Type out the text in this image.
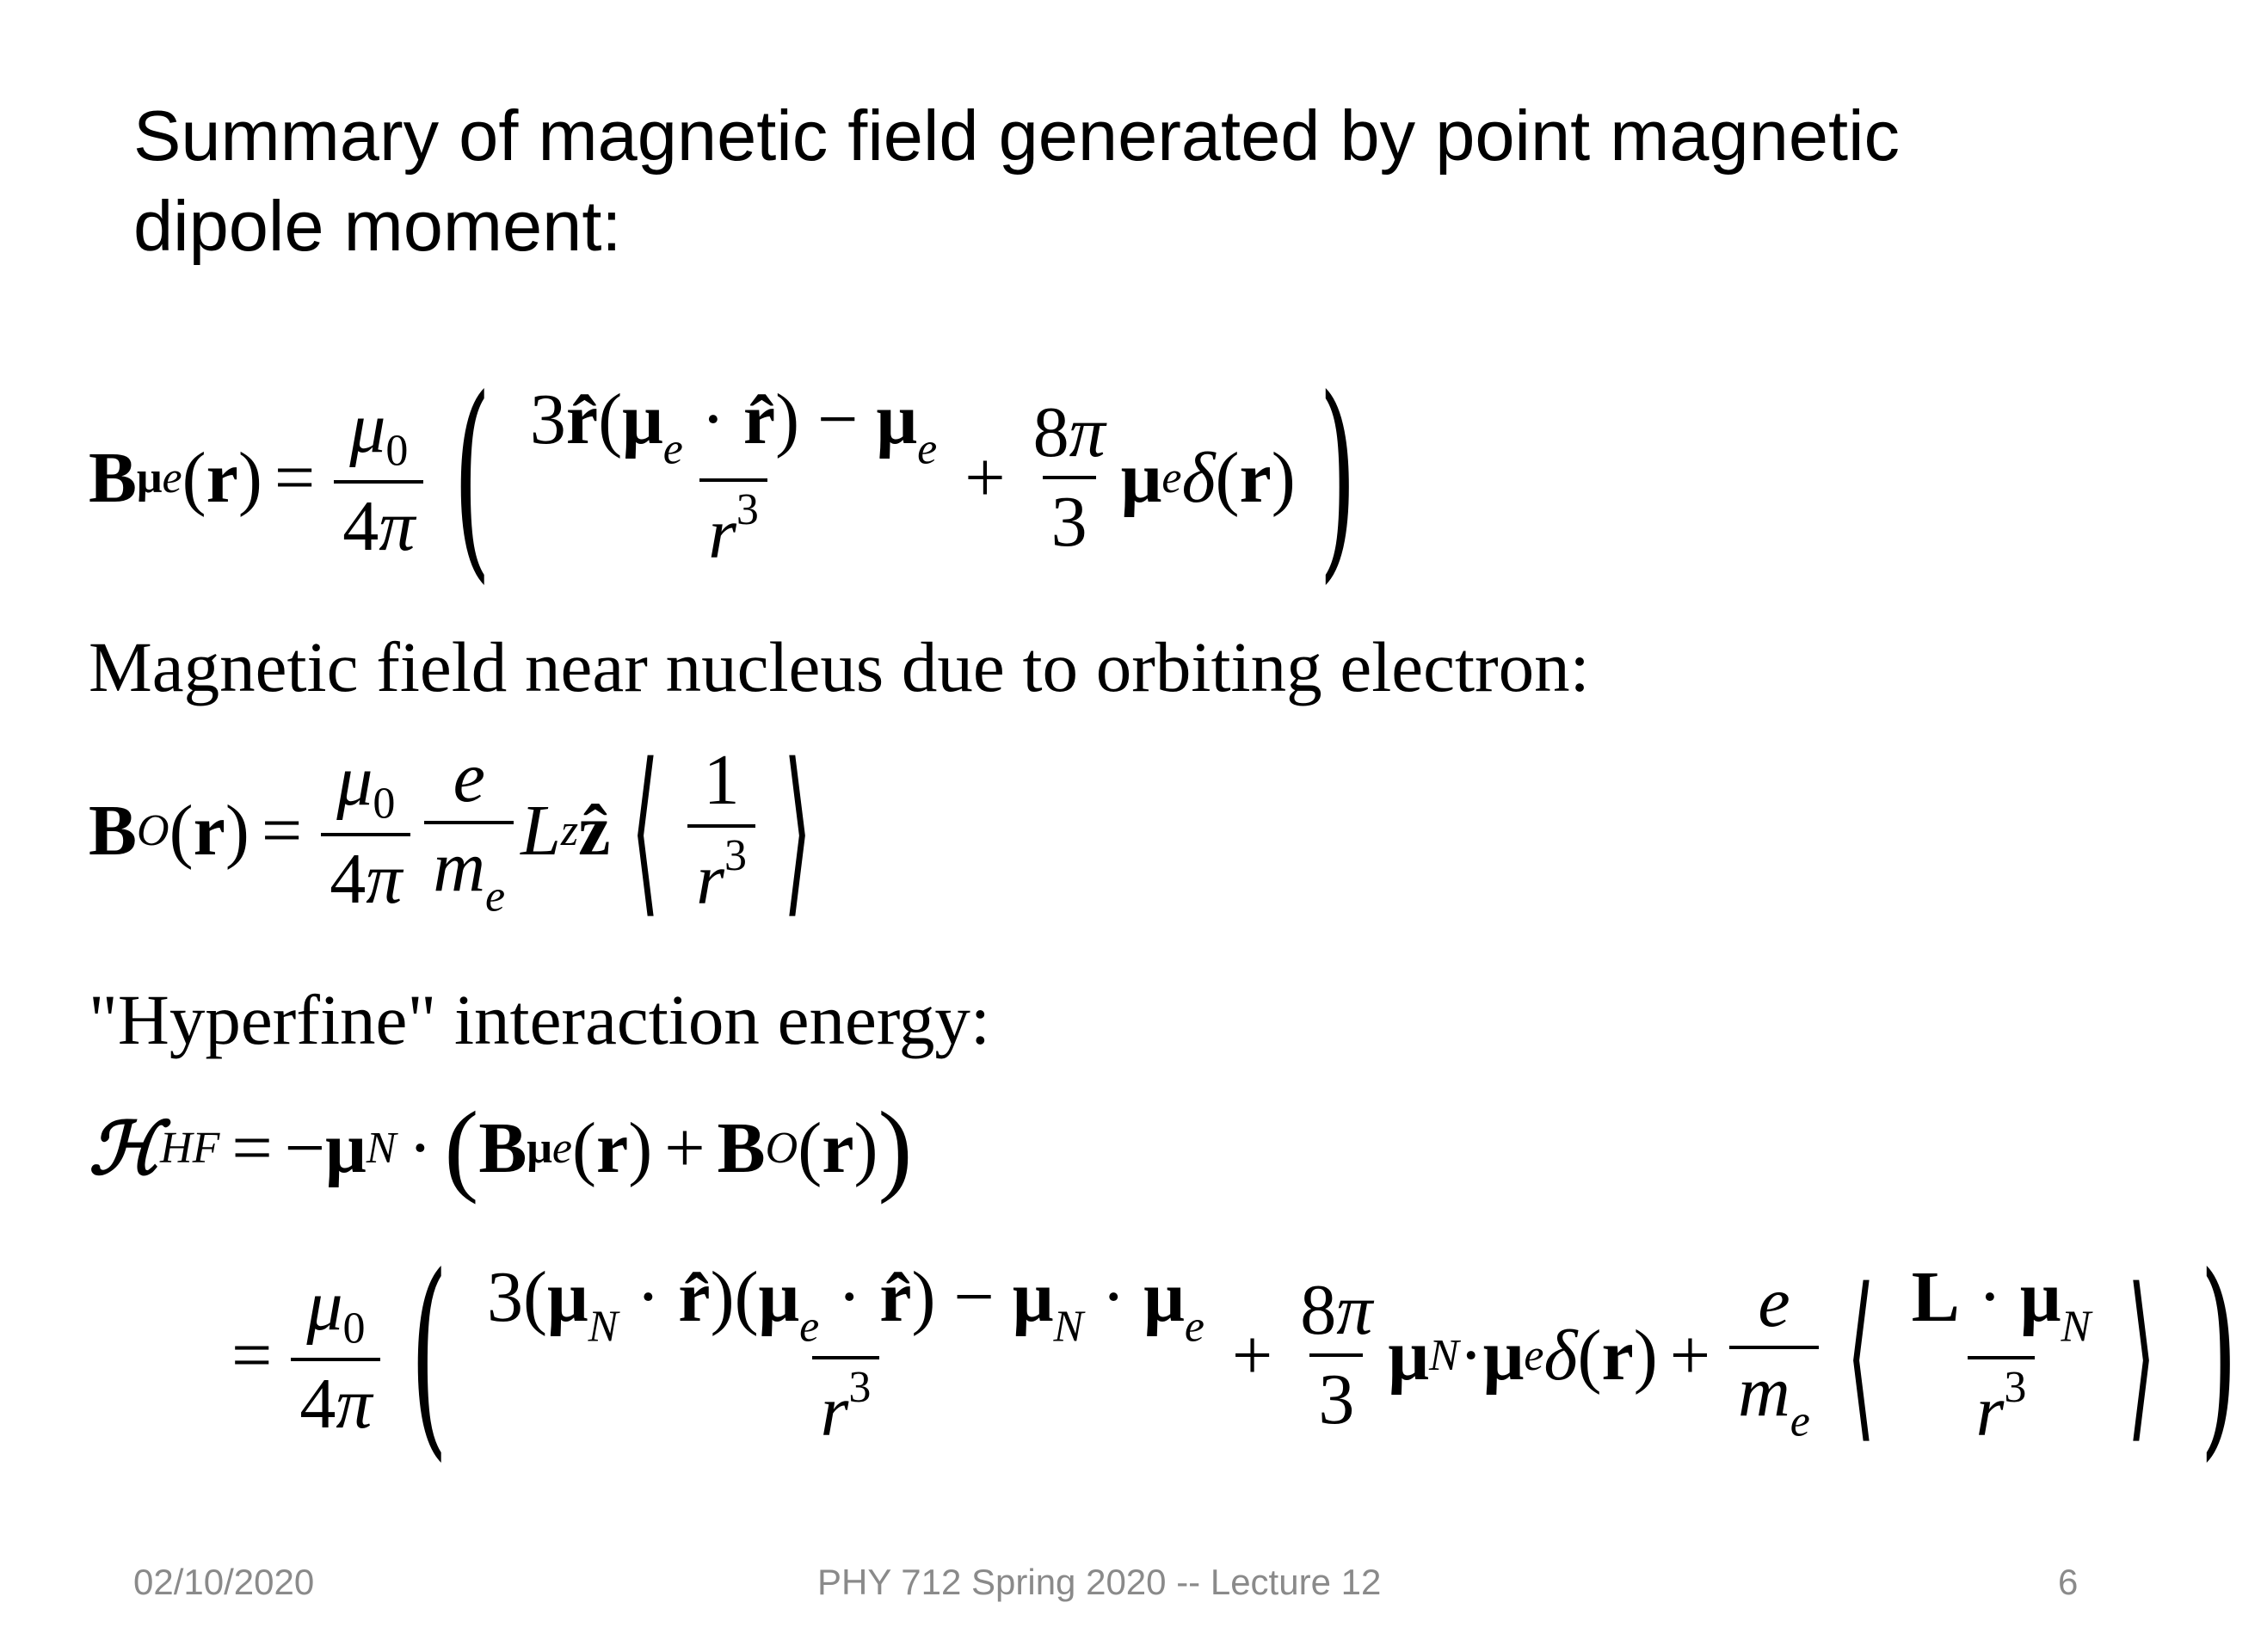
Summary of magnetic field generated by point magnetic dipole moment:
B μe $(r) = \frac{\mu 0}{4\pi}$ ( $\frac{3r̂(\mu_e \cdot r̂) - \mu_e}{r^3} + \frac{8\pi}{3}$ μ e δ ( r ) )
Magnetic field near nucleus due to orbiting electron:
B O $(r) = \frac{\mu 0}{4\pi} \frac{e}{m_e}$ L z ẑ ⟨ $\frac{1}{r^3}$ ⟩
"Hyperfine" interaction energy:
ℋ HF = − μ N · ( B μe ( r ) + B O ( r ) )
= $\frac{\mu 0}{4\pi}$ ( $\frac{3(\mu_N \cdot r̂)(\mu_e \cdot r̂) - \mu_N \cdot \mu_e}{r^3} + \frac{8\pi}{3}$ μ N · μ e δ ( r ) + $\frac{e}{m_e}$ ⟨ $\frac{L \cdot \mu_N}{r^3}$ ⟩ )
02/10/2020	PHY 712 Spring 2020 -- Lecture 12	6
